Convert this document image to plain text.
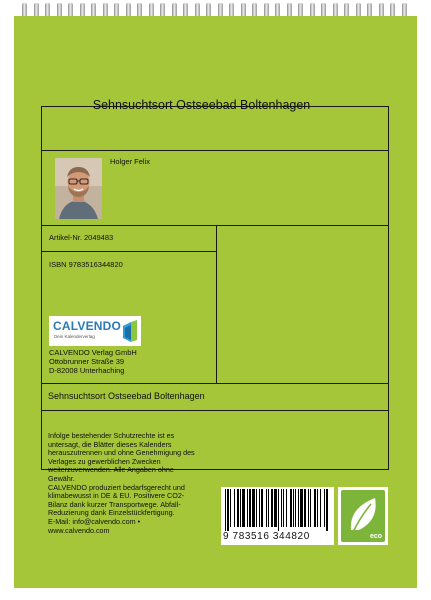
Sehnsuchtsort Ostseebad Boltenhagen
Holger Felix
Artikel-Nr. 2049483
ISBN 9783516344820
CALVENDO
Dein Kalenderverlag
CALVENDO Verlag GmbH
Ottobrunner Straße 39
D-82008 Unterhaching
Sehnsuchtsort Ostseebad Boltenhagen
Infolge bestehender Schutzrechte ist es
untersagt, die Blätter dieses Kalenders
herauszutrennen und ohne Genehmigung des
Verlages zu gewerblichen Zwecken
weiterzuverwenden. Alle Angaben ohne
Gewähr.
CALVENDO produziert bedarfsgerecht und
klimabewusst in DE & EU. Positivere CO2-
Bilanz dank kurzer Transportwege. Abfall-
Reduzierung dank Einzelstückfertigung.
E-Mail: info@calvendo.com •
www.calvendo.com
9 783516 344820	eco
